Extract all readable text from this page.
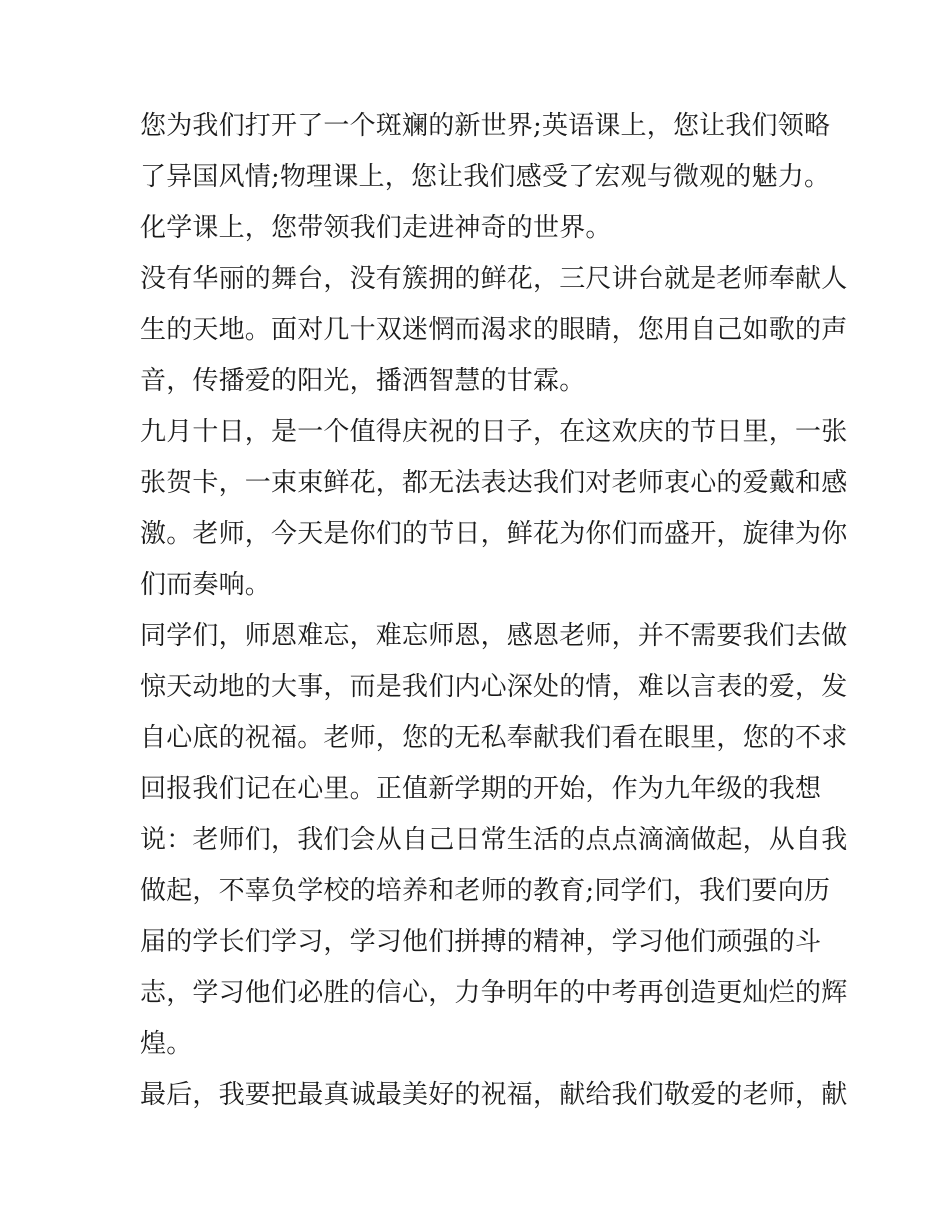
您为我们打开了一个斑斓的新世界;英语课上，您让我们领略
了异国风情;物理课上，您让我们感受了宏观与微观的魅力。
化学课上，您带领我们走进神奇的世界。
没有华丽的舞台，没有簇拥的鲜花，三尺讲台就是老师奉献人
生的天地。面对几十双迷惘而渴求的眼睛，您用自己如歌的声
音，传播爱的阳光，播洒智慧的甘霖。
九月十日，是一个值得庆祝的日子，在这欢庆的节日里，一张
张贺卡，一束束鲜花，都无法表达我们对老师衷心的爱戴和感
激。老师，今天是你们的节日，鲜花为你们而盛开，旋律为你
们而奏响。
同学们，师恩难忘，难忘师恩，感恩老师，并不需要我们去做
惊天动地的大事，而是我们内心深处的情，难以言表的爱，发
自心底的祝福。老师，您的无私奉献我们看在眼里，您的不求
回报我们记在心里。正值新学期的开始，作为九年级的我想
说：老师们，我们会从自己日常生活的点点滴滴做起，从自我
做起，不辜负学校的培养和老师的教育;同学们，我们要向历
届的学长们学习，学习他们拼搏的精神，学习他们顽强的斗
志，学习他们必胜的信心，力争明年的中考再创造更灿烂的辉
煌。
最后，我要把最真诚最美好的祝福，献给我们敬爱的老师，献
